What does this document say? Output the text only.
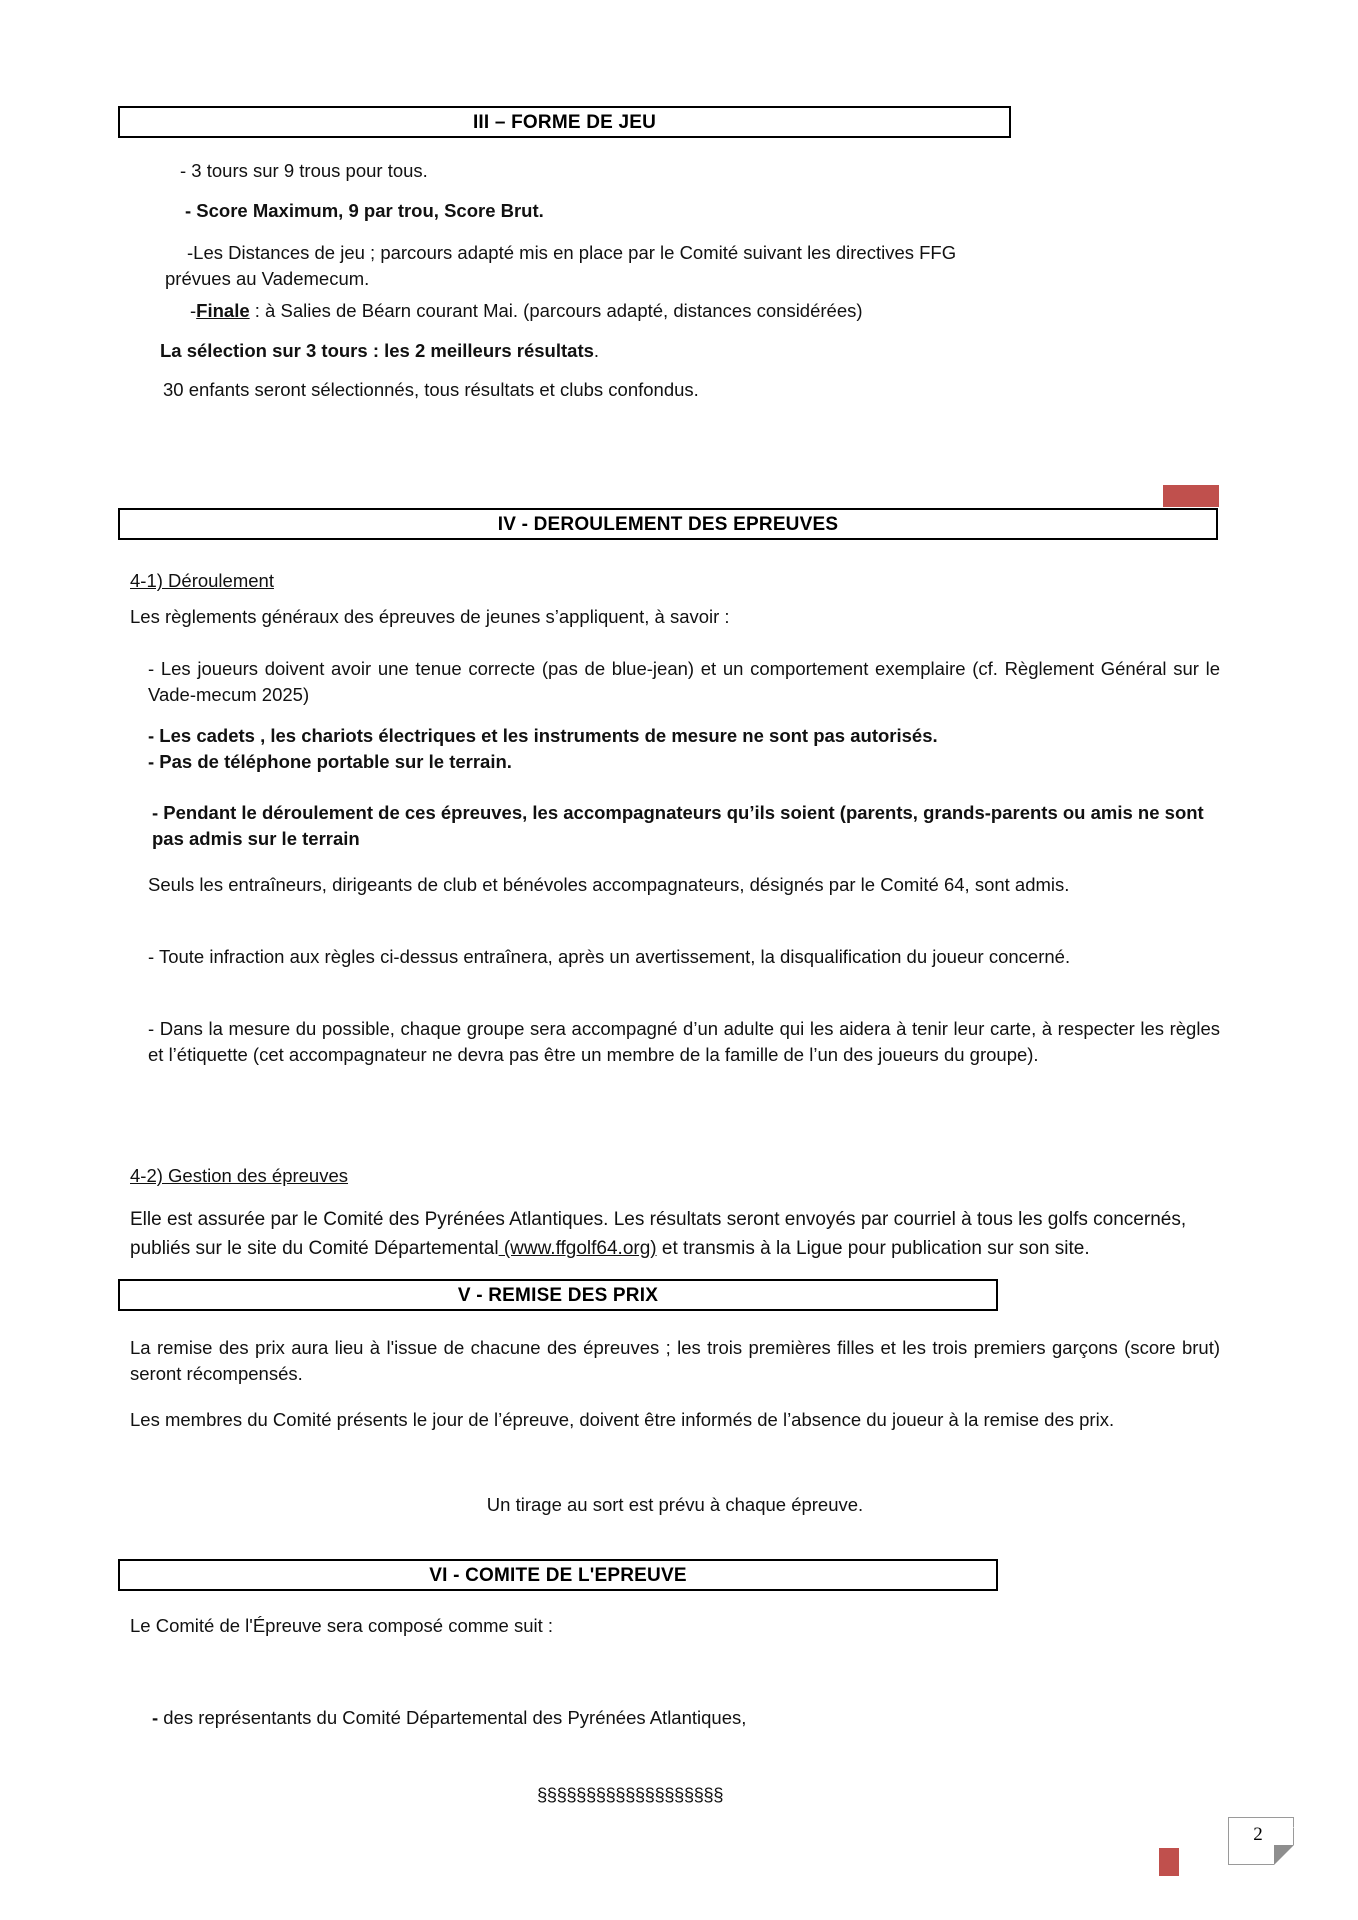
III – FORME DE JEU
- 3 tours sur 9 trous pour tous.
- Score Maximum, 9 par trou, Score Brut.
-Les Distances de jeu ; parcours adapté mis en place par le Comité suivant les directives FFG prévues au Vademecum.
-Finale : à Salies de Béarn courant Mai. (parcours adapté, distances considérées)
La sélection sur 3 tours : les 2 meilleurs résultats.
30 enfants seront sélectionnés, tous résultats et clubs confondus.
IV - DEROULEMENT DES EPREUVES
4-1) Déroulement
Les règlements généraux des épreuves de jeunes s’appliquent, à savoir :
- Les joueurs doivent avoir une tenue correcte (pas de blue-jean) et un comportement exemplaire (cf. Règlement Général sur le Vade-mecum 2025)
- Les cadets , les chariots électriques et les instruments de mesure ne sont pas autorisés.
- Pas de téléphone portable sur le terrain.
- Pendant le déroulement de ces épreuves, les accompagnateurs qu’ils soient (parents, grands-parents ou amis ne sont pas admis sur le terrain
Seuls les entraîneurs, dirigeants de club et bénévoles accompagnateurs, désignés par le Comité 64, sont admis.
- Toute infraction aux règles ci-dessus entraînera, après un avertissement, la disqualification du joueur concerné.
- Dans la mesure du possible, chaque groupe sera accompagné d’un adulte qui les aidera à tenir leur carte, à respecter les règles et l’étiquette (cet accompagnateur ne devra pas être un membre de la famille de l’un des joueurs du groupe).
4-2) Gestion des épreuves
Elle est assurée par le Comité des Pyrénées Atlantiques. Les résultats seront envoyés par courriel à tous les golfs concernés, publiés sur le site du Comité Départemental (www.ffgolf64.org) et transmis à la Ligue pour publication sur son site.
V - REMISE DES PRIX
La remise des prix aura lieu à l'issue de chacune des épreuves ; les trois premières filles et les trois premiers garçons (score brut) seront récompensés.
Les membres du Comité présents le jour de l’épreuve, doivent être informés de l’absence du joueur à la remise des prix.
Un tirage au sort est prévu à chaque épreuve.
VI - COMITE DE L'EPREUVE
Le Comité de l'Épreuve sera composé comme suit :
- des représentants du Comité Départemental des Pyrénées Atlantiques,
§§§§§§§§§§§§§§§§§§§
2
